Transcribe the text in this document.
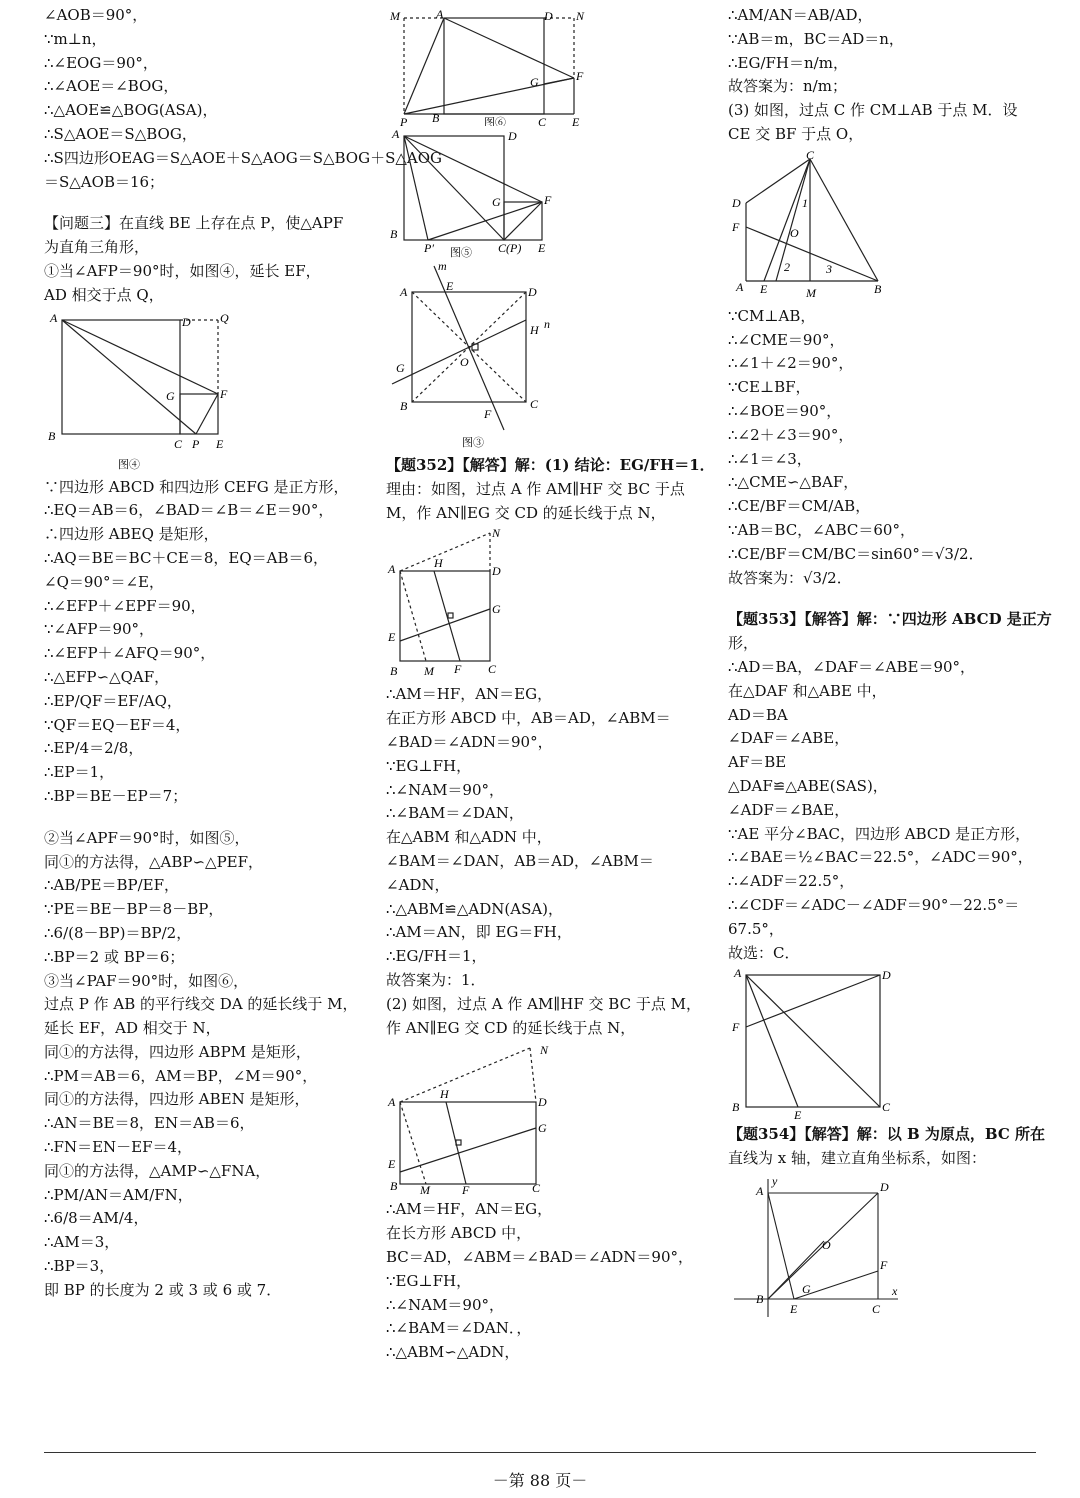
∠AOB＝90°，
∵m⊥n，
∴∠EOG＝90°，
∴∠AOE＝∠BOG，
∴△AOE≌△BOG(ASA)，
∴S△AOE＝S△BOG，
∴S四边形OEAG＝S△AOE＋S△AOG＝S△BOG＋S△AOG
＝S△AOB＝16；
【问题三】在直线 BE 上存在点 P，使△APF
为直角三角形，
①当∠AFP＝90°时，如图④，延长 EF，
AD 相交于点 Q，
A	D Q
G	F
B
C P E
图④
∵四边形 ABCD 和四边形 CEFG 是正方形，
∴EQ＝AB＝6，∠BAD＝∠B＝∠E＝90°，
∴四边形 ABEQ 是矩形，
∴AQ＝BE＝BC＋CE＝8，EQ＝AB＝6，
∠Q＝90°＝∠E，
∴∠EFP＋∠EPF＝90，
∵∠AFP＝90°，
∴∠EFP＋∠AFQ＝90°，
∴△EFP∽△QAF，
∴EP/QF＝EF/AQ，
∵QF＝EQ－EF＝4，
∴EP/4＝2/8，
∴EP＝1，
∴BP＝BE－EP＝7；
②当∠APF＝90°时，如图⑤，
同①的方法得，△ABP∽△PEF，
∴AB/PE＝BP/EF，
∵PE＝BE－BP＝8－BP，
∴6/(8－BP)＝BP/2，
∴BP＝2 或 BP＝6；
③当∠PAF＝90°时，如图⑥，
过点 P 作 AB 的平行线交 DA 的延长线于 M，
延长 EF，AD 相交于 N，
同①的方法得，四边形 ABPM 是矩形，
∴PM＝AB＝6，AM＝BP，∠M＝90°，
同①的方法得，四边形 ABEN 是矩形，
∴AN＝BE＝8，EN＝AB＝6，
∴FN＝EN－EF＝4，
同①的方法得，△AMP∽△FNA，
∴PM/AN＝AM/FN，
∴6/8＝AM/4，
∴AM＝3，
∴BP＝3，
即 BP 的长度为 2 或 3 或 6 或 7．
M	A	D N
G	F
P B	C E
图⑥
A	D
G	F
B
P′	C(P) E
图⑤
m
A	E	D
H n
G	O
B
F
C
图③
【题352】【解答】解：(1) 结论：EG/FH＝1．
理由：如图，过点 A 作 AM∥HF 交 BC 于点
M，作 AN∥EG 交 CD 的延长线于点 N，
N
A	H
D
G
E
B M F C
∴AM＝HF，AN＝EG，
在正方形 ABCD 中，AB＝AD，∠ABM＝
∠BAD＝∠ADN＝90°，
∵EG⊥FH，
∴∠NAM＝90°，
∴∠BAM＝∠DAN，
在△ABM 和△ADN 中，
∠BAM＝∠DAN，AB＝AD，∠ABM＝
∠ADN，
∴△ABM≌△ADN(ASA)，
∴AM＝AN，即 EG＝FH，
∴EG/FH＝1，
故答案为：1．
(2) 如图，过点 A 作 AM∥HF 交 BC 于点 M，
作 AN∥EG 交 CD 的延长线于点 N，
N
A
H
D
G
E
B M	F	C
∴AM＝HF，AN＝EG，
在长方形 ABCD 中，
BC＝AD，∠ABM＝∠BAD＝∠ADN＝90°，
∵EG⊥FH，
∴∠NAM＝90°，
∴∠BAM＝∠DAN．，
∴△ABM∽△ADN，
∴AM/AN＝AB/AD，
∵AB＝m，BC＝AD＝n，
∴EG/FH＝n/m，
故答案为：n/m；
(3) 如图，过点 C 作 CM⊥AB 于点 M．设
CE 交 BF 于点 O，
C
D	1
F	O
2	3
A E	M	B
∵CM⊥AB，
∴∠CME＝90°，
∴∠1＋∠2＝90°，
∵CE⊥BF，
∴∠BOE＝90°，
∴∠2＋∠3＝90°，
∴∠1＝∠3，
∴△CME∽△BAF，
∴CE/BF＝CM/AB，
∵AB＝BC，∠ABC＝60°，
∴CE/BF＝CM/BC＝sin60°＝√3/2．
故答案为：√3/2．
【题353】【解答】解：∵四边形 ABCD 是正方
形，
∴AD＝BA，∠DAF＝∠ABE＝90°，
在△DAF 和△ABE 中，
AD＝BA
∠DAF＝∠ABE，
AF＝BE
△DAF≌△ABE(SAS)，
∠ADF＝∠BAE，
∵AE 平分∠BAC，四边形 ABCD 是正方形，
∴∠BAE＝½∠BAC＝22.5°，∠ADC＝90°，
∴∠ADF＝22.5°，
∴∠CDF＝∠ADC－∠ADF＝90°－22.5°＝
67.5°，
故选：C．
A	D
F
B
E
C
【题354】【解答】解：以 B 为原点，BC 所在
直线为 x 轴，建立直角坐标系，如图：
y
A	D
O
F
G
B
E	C
x
－第 88 页－
